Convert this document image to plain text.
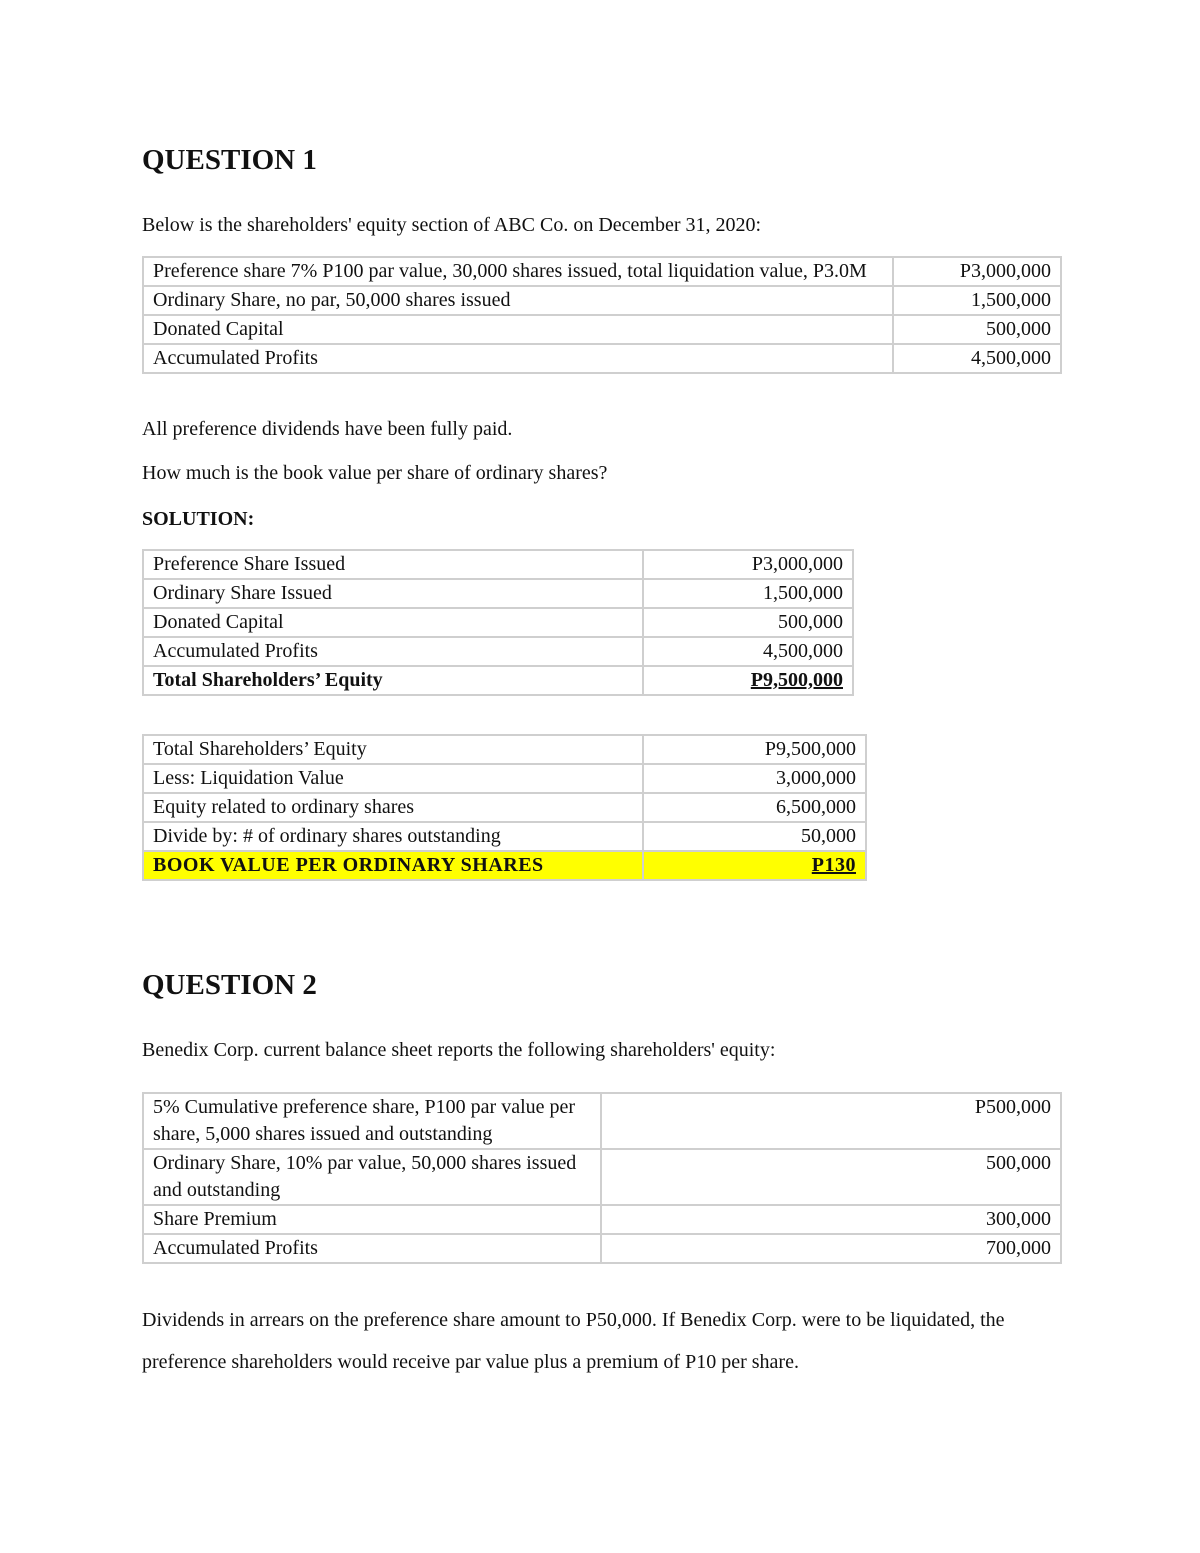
QUESTION 1

Below is the shareholders' equity section of ABC Co. on December 31, 2020:

Preference share 7% P100 par value, 30,000 shares issued, total liquidation value, P3.0M	P3,000,000
Ordinary Share, no par, 50,000 shares issued	1,500,000
Donated Capital	500,000
Accumulated Profits	4,500,000

All preference dividends have been fully paid.

How much is the book value per share of ordinary shares?

SOLUTION:

Preference Share Issued	P3,000,000
Ordinary Share Issued	1,500,000
Donated Capital	500,000
Accumulated Profits	4,500,000
Total Shareholders’ Equity	P9,500,000
Total Shareholders’ Equity	P9,500,000
Less: Liquidation Value	3,000,000
Equity related to ordinary shares	6,500,000
Divide by: # of ordinary shares outstanding	50,000
BOOK VALUE PER ORDINARY SHARES	P130
QUESTION 2

Benedix Corp. current balance sheet reports the following shareholders' equity:

5% Cumulative preference share, P100 par value per share, 5,000 shares issued and outstanding	P500,000
Ordinary Share, 10% par value, 50,000 shares issued and outstanding	500,000
Share Premium	300,000
Accumulated Profits	700,000

Dividends in arrears on the preference share amount to P50,000. If Benedix Corp. were to be liquidated, the preference shareholders would receive par value plus a premium of P10 per share.
